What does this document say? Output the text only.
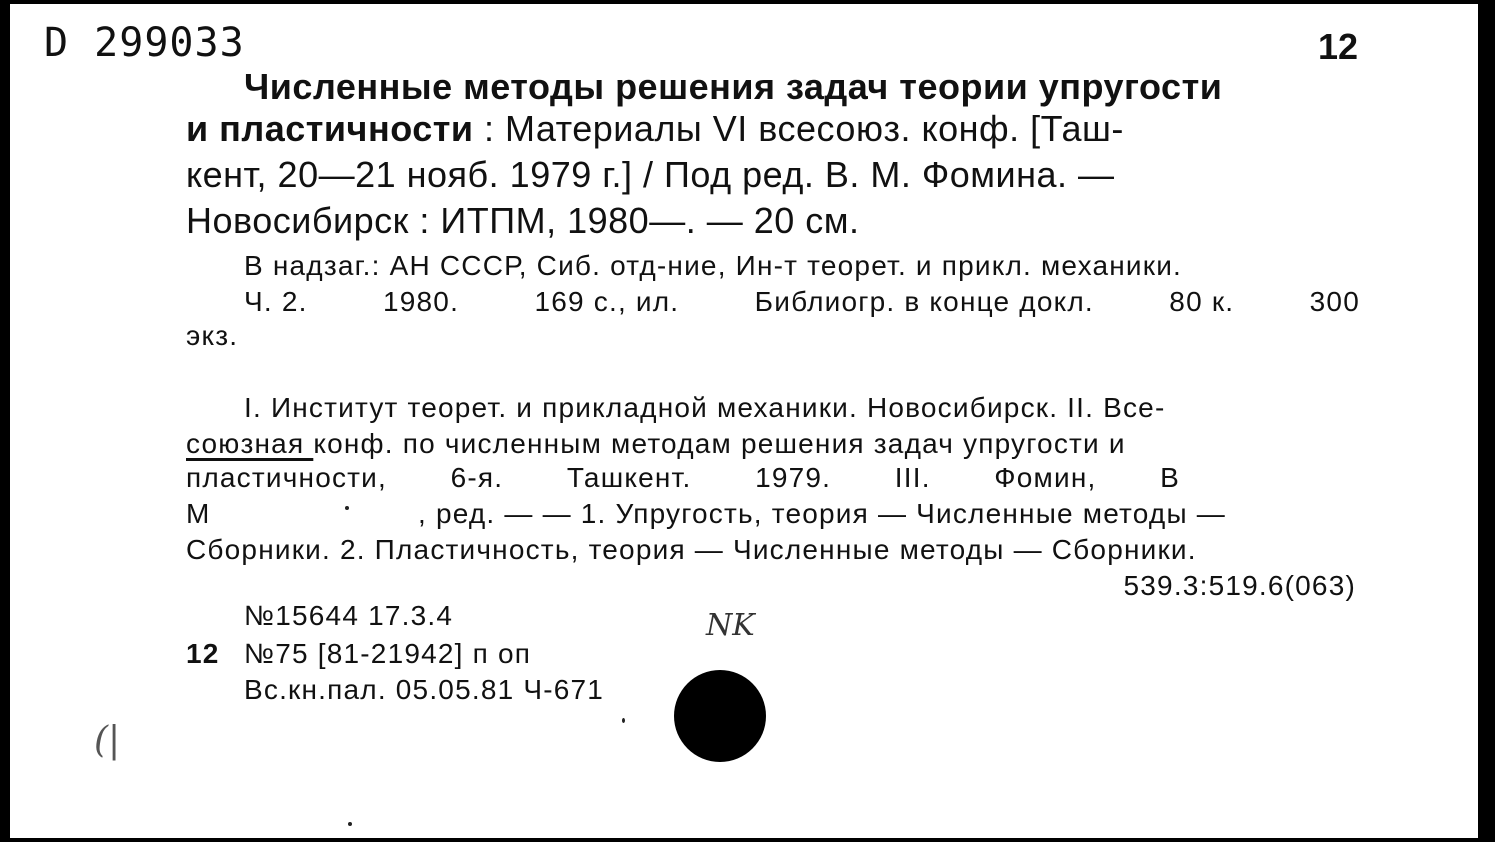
D 299033	12
Численные методы решения задач теории упругости
и пластичности : Материалы VI всесоюз. конф. [Таш-
кент, 20—21 нояб. 1979 г.] / Под ред. В. М. Фомина. —
Новосибирск : ИТПМ, 1980—. — 20 см.
В надзаг.: АН СССР, Сиб. отд-ние, Ин-т теорет. и прикл. механики.
Ч. 2.	1980.	169 с., ил.	Библиогр. в конце докл.	80 к.	300
экз.
I. Институт теорет. и прикладной механики. Новосибирск. II. Все-
союзная конф. по численным методам решения задач упругости и
пластичности, 6-я. Ташкент. 1979. III. Фомин, В
М	, ред. — — 1. Упругость, теория — Численные методы —
Сборники. 2. Пластичность, теория — Численные методы — Сборники.
539.3:519.6(063)
№15644 17.3.4
12 №75 [81-21942] п оп
Вс.кн.пал. 05.05.81 Ч-671
NK
(|
